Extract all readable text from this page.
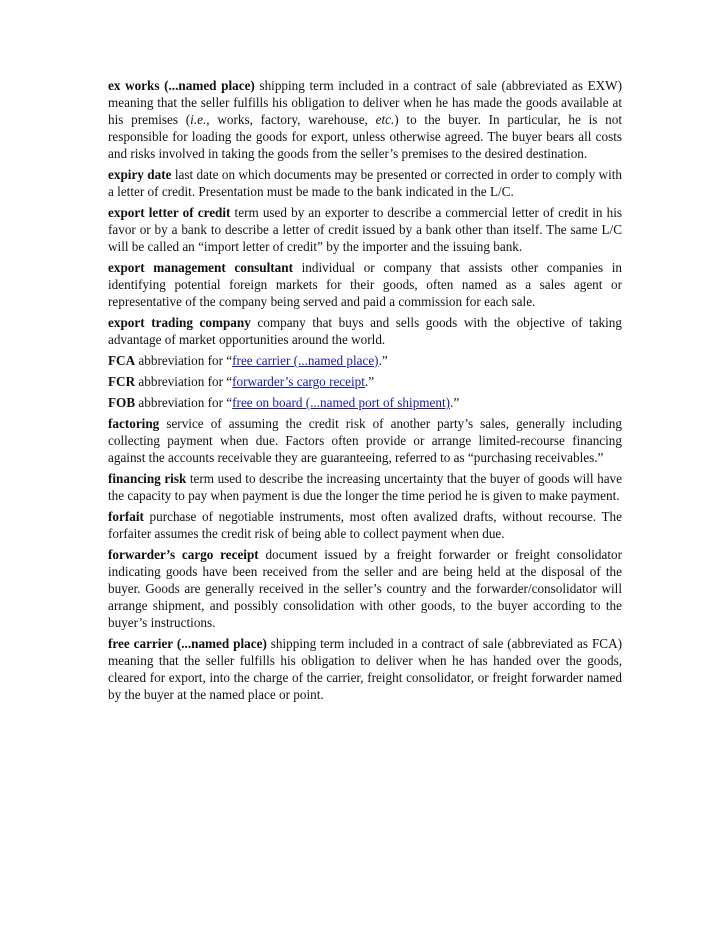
ex works (...named place) shipping term included in a contract of sale (abbreviated as EXW) meaning that the seller fulfills his obligation to deliver when he has made the goods available at his premises (i.e., works, factory, warehouse, etc.) to the buyer. In particular, he is not responsible for loading the goods for export, unless otherwise agreed. The buyer bears all costs and risks involved in taking the goods from the seller’s premises to the desired destination.

expiry date last date on which documents may be presented or corrected in order to comply with a letter of credit. Presentation must be made to the bank indicated in the L/C.

export letter of credit term used by an exporter to describe a commercial letter of credit in his favor or by a bank to describe a letter of credit issued by a bank other than itself. The same L/C will be called an “import letter of credit” by the importer and the issuing bank.

export management consultant individual or company that assists other companies in identifying potential foreign markets for their goods, often named as a sales agent or representative of the company being served and paid a commission for each sale.

export trading company company that buys and sells goods with the objective of taking advantage of market opportunities around the world.

FCA abbreviation for “free carrier (...named place).”

FCR abbreviation for “forwarder’s cargo receipt.”

FOB abbreviation for “free on board (...named port of shipment).”

factoring service of assuming the credit risk of another party’s sales, generally including collecting payment when due. Factors often provide or arrange limited-recourse financing against the accounts receivable they are guaranteeing, referred to as “purchasing receivables.”

financing risk term used to describe the increasing uncertainty that the buyer of goods will have the capacity to pay when payment is due the longer the time period he is given to make payment.

forfait purchase of negotiable instruments, most often avalized drafts, without recourse. The forfaiter assumes the credit risk of being able to collect payment when due.

forwarder’s cargo receipt document issued by a freight forwarder or freight consolidator indicating goods have been received from the seller and are being held at the disposal of the buyer. Goods are generally received in the seller’s country and the forwarder/consolidator will arrange shipment, and possibly consolidation with other goods, to the buyer according to the buyer’s instructions.

free carrier (...named place) shipping term included in a contract of sale (abbreviated as FCA) meaning that the seller fulfills his obligation to deliver when he has handed over the goods, cleared for export, into the charge of the carrier, freight consolidator, or freight forwarder named by the buyer at the named place or point.
